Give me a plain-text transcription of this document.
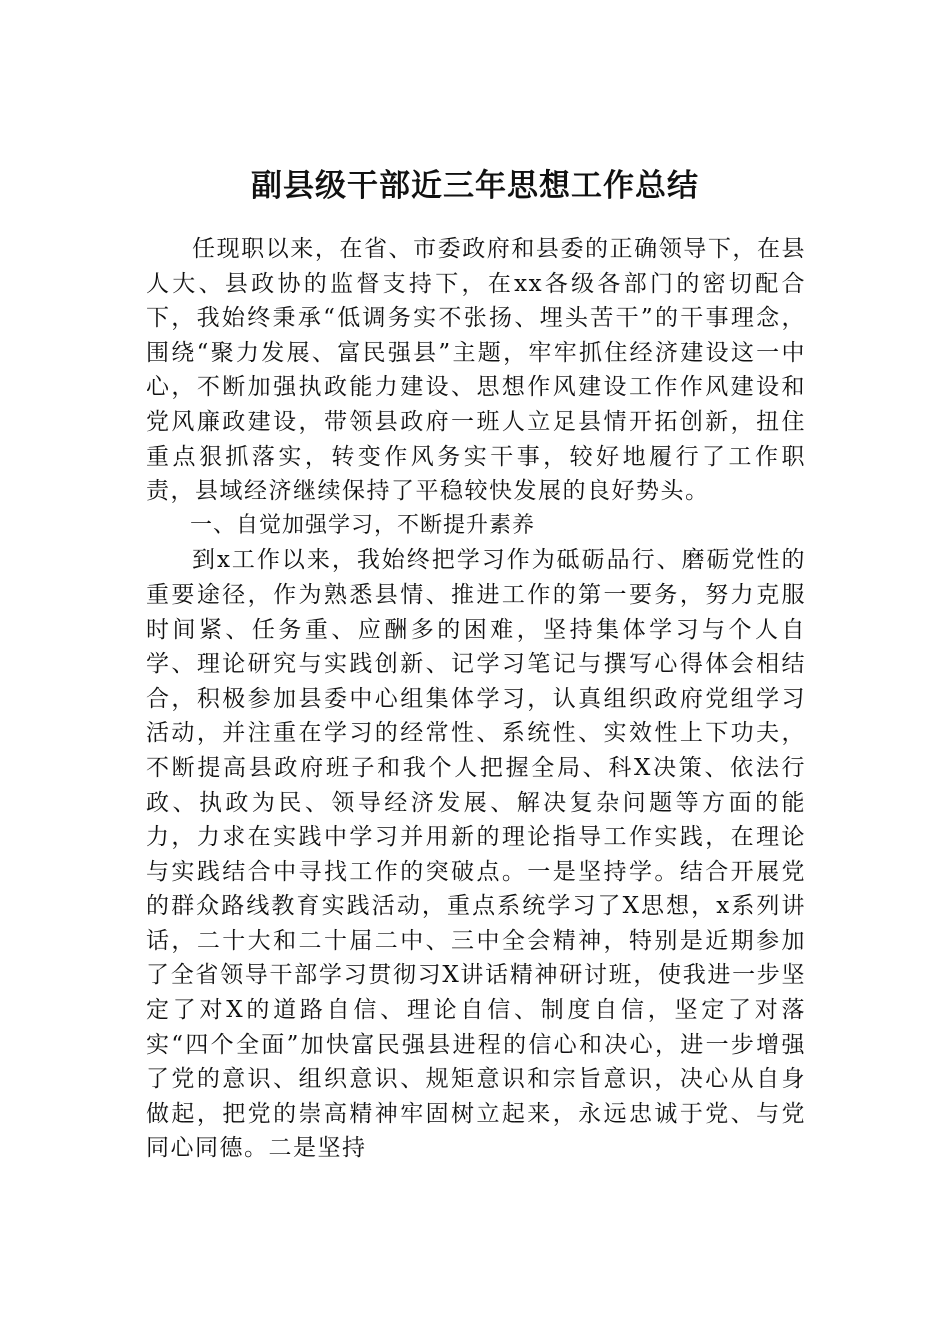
副县级干部近三年思想工作总结

任现职以来，在省、市委政府和县委的正确领导下，在县人大、县政协的监督支持下，在xx各级各部门的密切配合下，我始终秉承“低调务实不张扬、埋头苦干”的干事理念，围绕“聚力发展、富民强县”主题，牢牢抓住经济建设这一中心，不断加强执政能力建设、思想作风建设工作作风建设和党风廉政建设，带领县政府一班人立足县情开拓创新，扭住重点狠抓落实，转变作风务实干事，较好地履行了工作职责，县域经济继续保持了平稳较快发展的良好势头。

一、自觉加强学习，不断提升素养

到x工作以来，我始终把学习作为砥砺品行、磨砺党性的重要途径，作为熟悉县情、推进工作的第一要务，努力克服时间紧、任务重、应酬多的困难，坚持集体学习与个人自学、理论研究与实践创新、记学习笔记与撰写心得体会相结合，积极参加县委中心组集体学习，认真组织政府党组学习活动，并注重在学习的经常性、系统性、实效性上下功夫，不断提高县政府班子和我个人把握全局、科X决策、依法行政、执政为民、领导经济发展、解决复杂问题等方面的能力，力求在实践中学习并用新的理论指导工作实践，在理论与实践结合中寻找工作的突破点。一是坚持学。结合开展党的群众路线教育实践活动，重点系统学习了X思想，x系列讲话，二十大和二十届二中、三中全会精神，特别是近期参加了全省领导干部学习贯彻习X讲话精神研讨班，使我进一步坚定了对X的道路自信、理论自信、制度自信，坚定了对落实“四个全面”加快富民强县进程的信心和决心，进一步增强了党的意识、组织意识、规矩意识和宗旨意识，决心从自身做起，把党的崇高精神牢固树立起来，永远忠诚于党、与党同心同德。二是坚持
